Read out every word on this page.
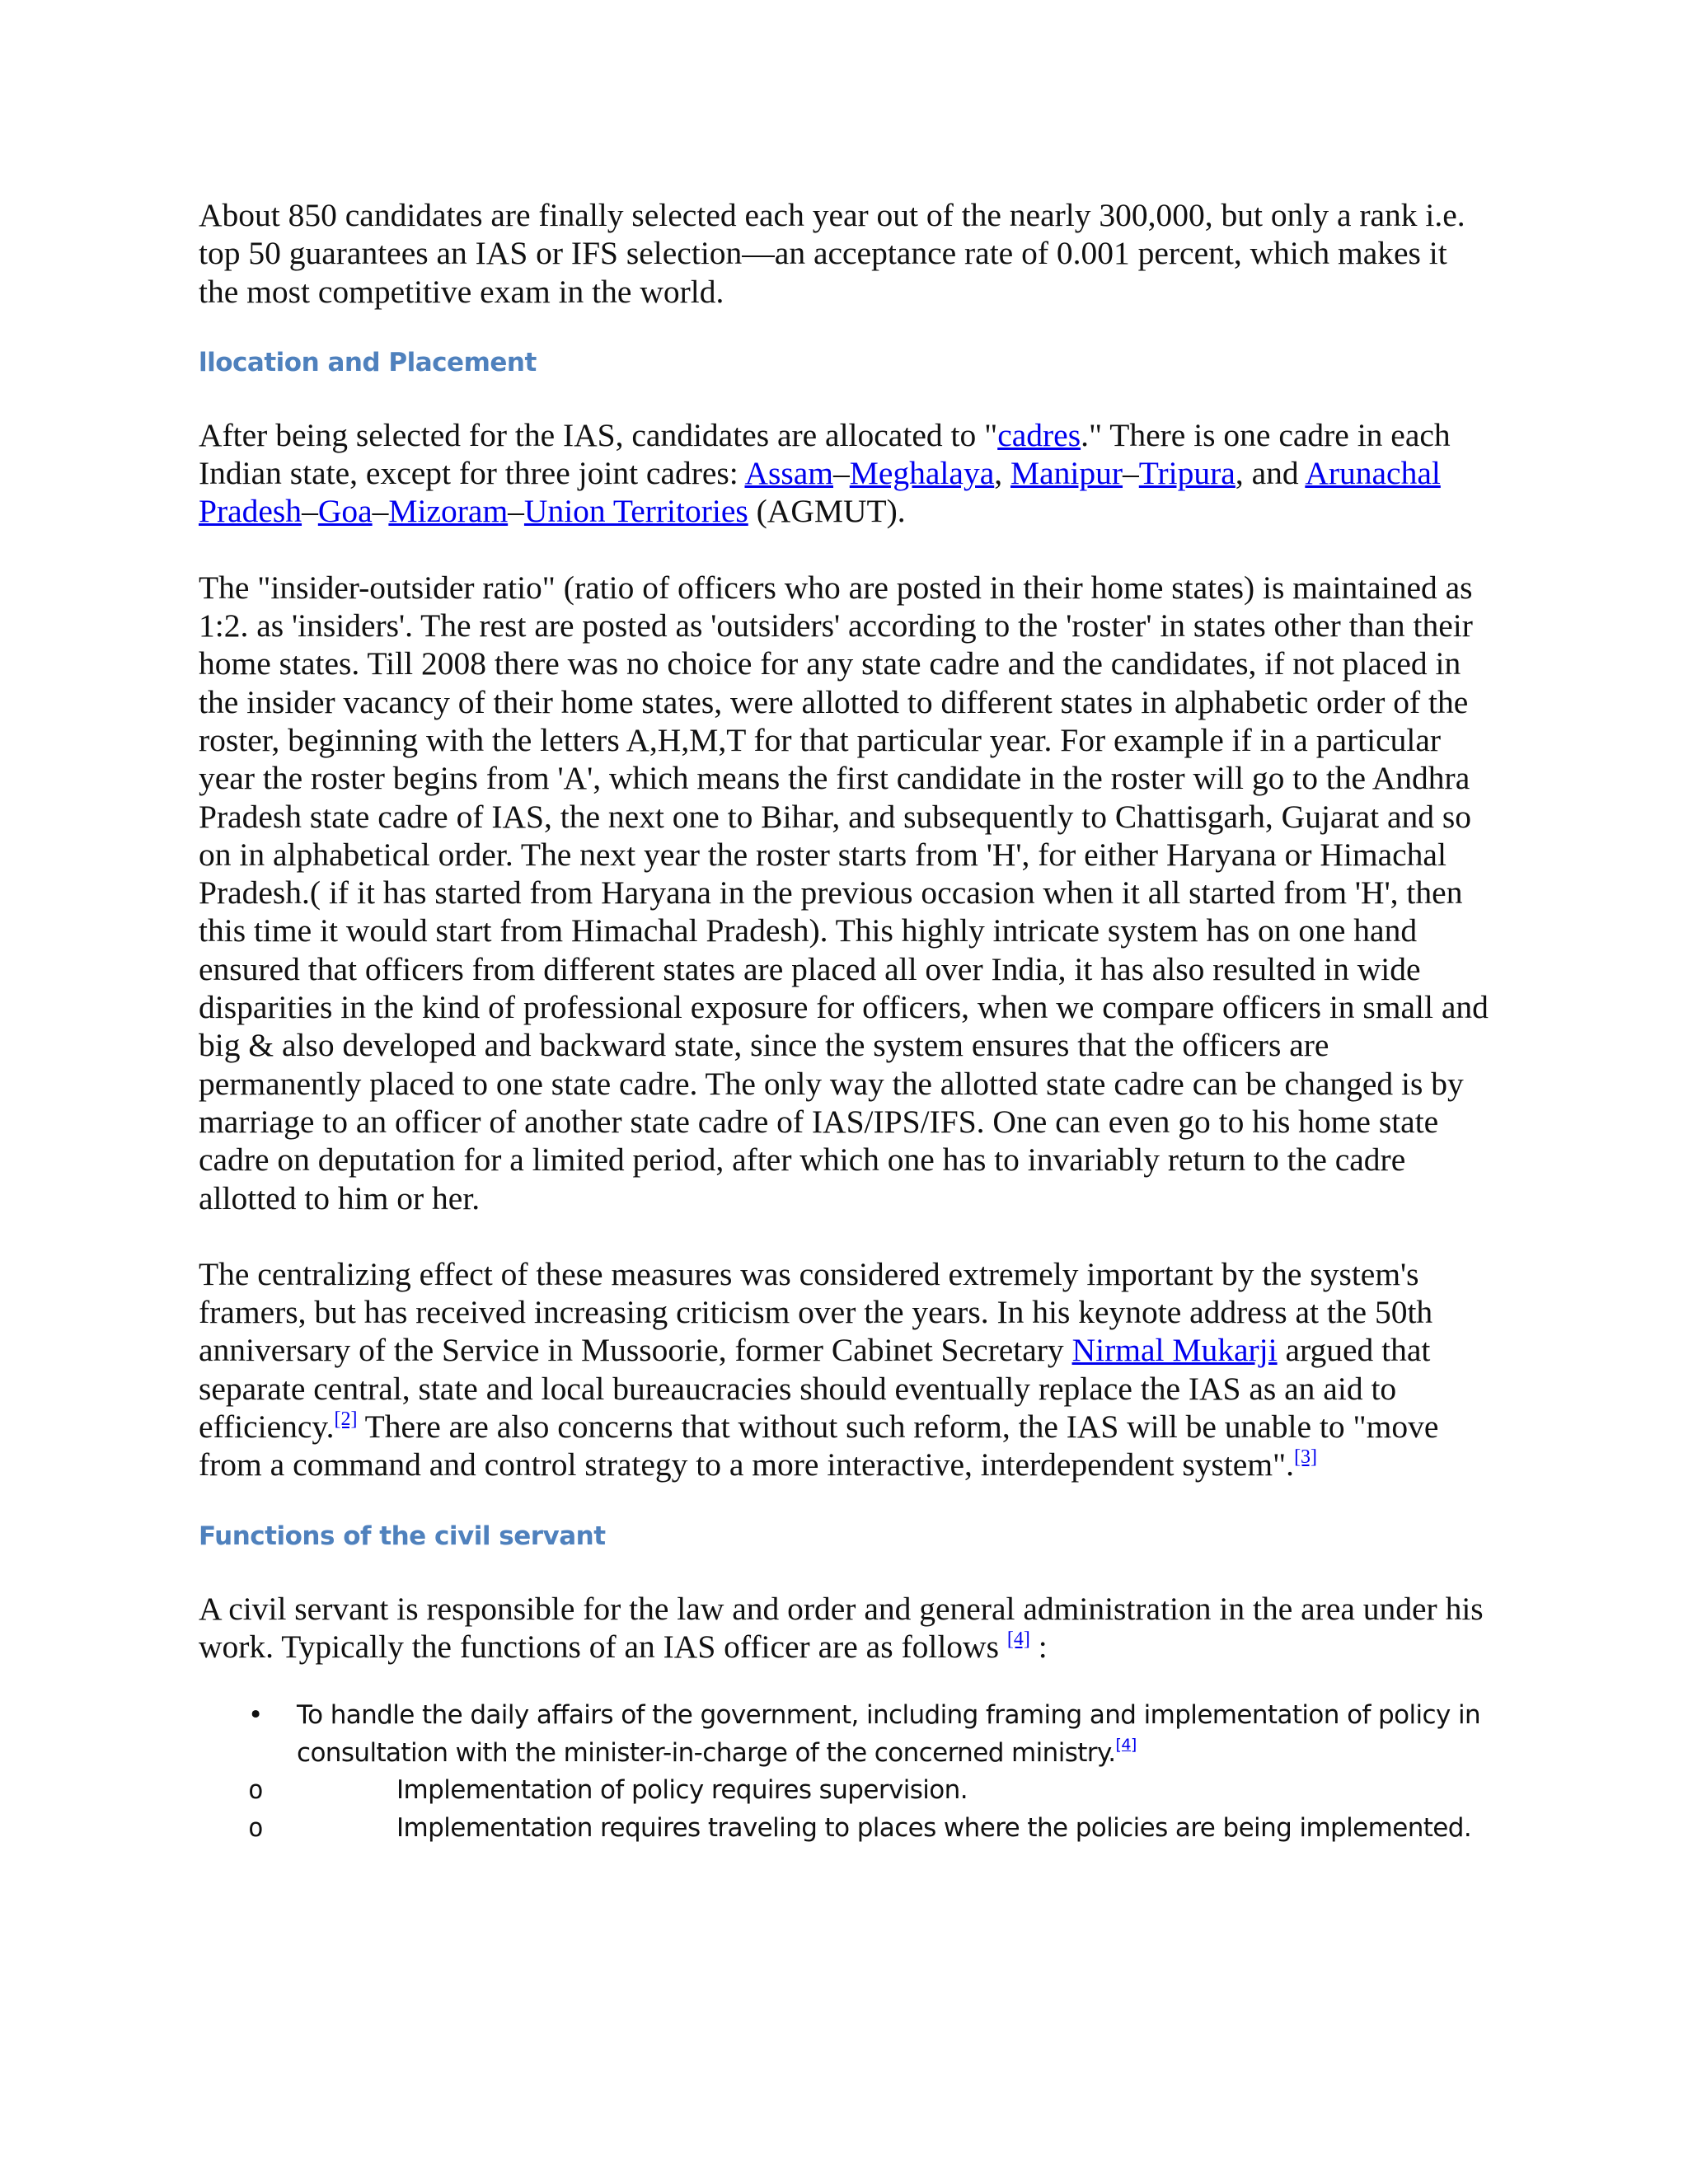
About 850 candidates are finally selected each year out of the nearly 300,000, but only a rank i.e. top 50 guarantees an IAS or IFS selection—an acceptance rate of 0.001 percent, which makes it the most competitive exam in the world.

llocation and Placement

After being selected for the IAS, candidates are allocated to "cadres." There is one cadre in each Indian state, except for three joint cadres: Assam–Meghalaya, Manipur–Tripura, and Arunachal Pradesh–Goa–Mizoram–Union Territories (AGMUT).

The "insider-outsider ratio" (ratio of officers who are posted in their home states) is maintained as 1:2. as 'insiders'. The rest are posted as 'outsiders' according to the 'roster' in states other than their home states. Till 2008 there was no choice for any state cadre and the candidates, if not placed in the insider vacancy of their home states, were allotted to different states in alphabetic order of the roster, beginning with the letters A,H,M,T for that particular year. For example if in a particular year the roster begins from 'A', which means the first candidate in the roster will go to the Andhra Pradesh state cadre of IAS, the next one to Bihar, and subsequently to Chattisgarh, Gujarat and so on in alphabetical order. The next year the roster starts from 'H', for either Haryana or Himachal Pradesh.( if it has started from Haryana in the previous occasion when it all started from 'H', then this time it would start from Himachal Pradesh). This highly intricate system has on one hand ensured that officers from different states are placed all over India, it has also resulted in wide disparities in the kind of professional exposure for officers, when we compare officers in small and big & also developed and backward state, since the system ensures that the officers are permanently placed to one state cadre. The only way the allotted state cadre can be changed is by marriage to an officer of another state cadre of IAS/IPS/IFS. One can even go to his home state cadre on deputation for a limited period, after which one has to invariably return to the cadre allotted to him or her.

The centralizing effect of these measures was considered extremely important by the system's framers, but has received increasing criticism over the years. In his keynote address at the 50th anniversary of the Service in Mussoorie, former Cabinet Secretary Nirmal Mukarji argued that separate central, state and local bureaucracies should eventually replace the IAS as an aid to efficiency.[2] There are also concerns that without such reform, the IAS will be unable to "move from a command and control strategy to a more interactive, interdependent system".[3]

Functions of the civil servant

A civil servant is responsible for the law and order and general administration in the area under his work. Typically the functions of an IAS officer are as follows [4] :

• To handle the daily affairs of the government, including framing and implementation of policy in consultation with the minister-in-charge of the concerned ministry.[4]
o	Implementation of policy requires supervision.
o	Implementation requires traveling to places where the policies are being implemented.
